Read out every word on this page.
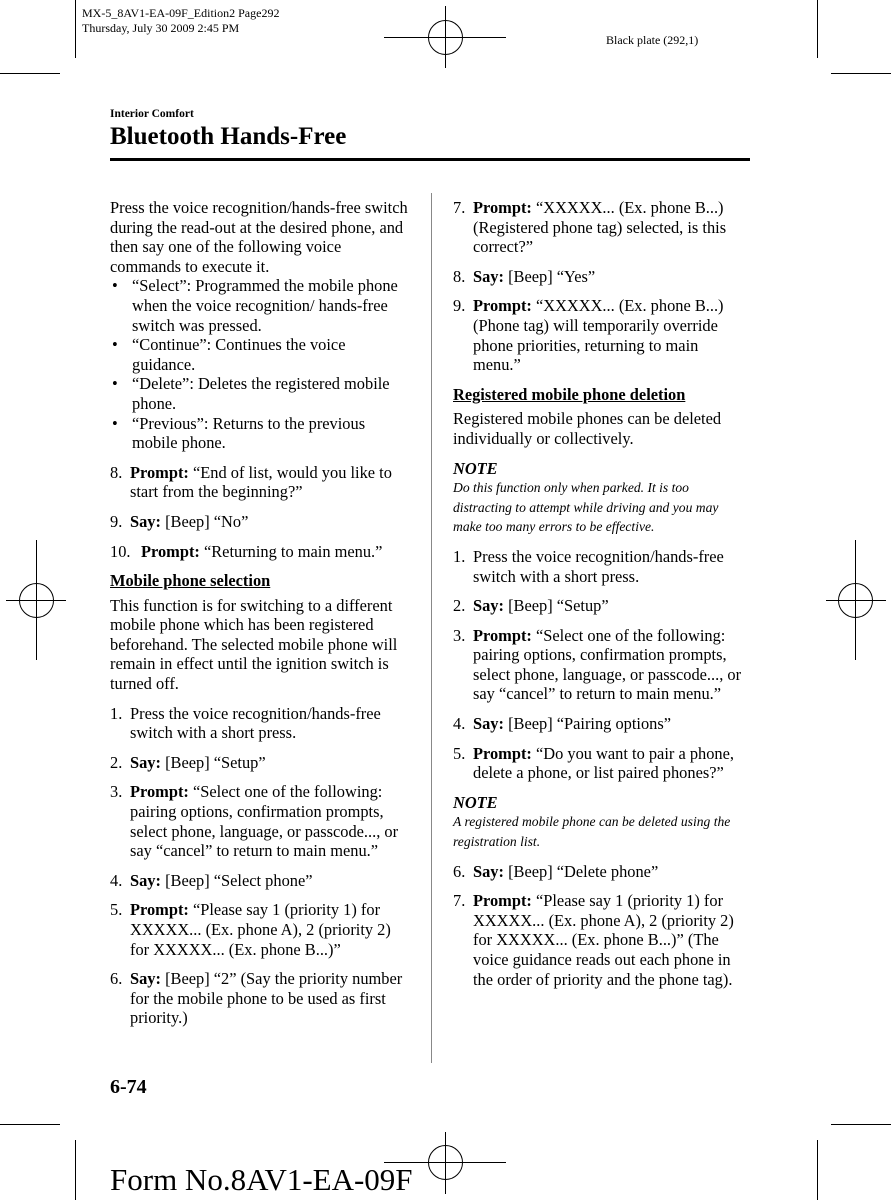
MX-5_8AV1-EA-09F_Edition2 Page292
Thursday, July 30 2009 2:45 PM
Black plate (292,1)
Interior Comfort
Bluetooth Hands-Free

Press the voice recognition/hands-free switch during the read-out at the desired phone, and then say one of the following voice commands to execute it.

• “Select”: Programmed the mobile phone when the voice recognition/ hands-free switch was pressed.
• “Continue”: Continues the voice guidance.
• “Delete”: Deletes the registered mobile phone.
• “Previous”: Returns to the previous mobile phone.
8. Prompt: “End of list, would you like to start from the beginning?”
9. Say: [Beep] “No”
10. Prompt: “Returning to main menu.”
Mobile phone selection

This function is for switching to a different mobile phone which has been registered beforehand. The selected mobile phone will remain in effect until the ignition switch is turned off.

1. Press the voice recognition/hands-free switch with a short press.
2. Say: [Beep] “Setup”
3. Prompt: “Select one of the following: pairing options, confirmation prompts, select phone, language, or passcode..., or say “cancel” to return to main menu.”
4. Say: [Beep] “Select phone”
5. Prompt: “Please say 1 (priority 1) for XXXXX... (Ex. phone A), 2 (priority 2) for XXXXX... (Ex. phone B...)”
6. Say: [Beep] “2” (Say the priority number for the mobile phone to be used as first priority.)
7. Prompt: “XXXXX... (Ex. phone B...) (Registered phone tag) selected, is this correct?”
8. Say: [Beep] “Yes”
9. Prompt: “XXXXX... (Ex. phone B...) (Phone tag) will temporarily override phone priorities, returning to main menu.”
Registered mobile phone deletion

Registered mobile phones can be deleted individually or collectively.

NOTE

Do this function only when parked. It is too distracting to attempt while driving and you may make too many errors to be effective.

1. Press the voice recognition/hands-free switch with a short press.
2. Say: [Beep] “Setup”
3. Prompt: “Select one of the following: pairing options, confirmation prompts, select phone, language, or passcode..., or say “cancel” to return to main menu.”
4. Say: [Beep] “Pairing options”
5. Prompt: “Do you want to pair a phone, delete a phone, or list paired phones?”
NOTE

A registered mobile phone can be deleted using the registration list.

6. Say: [Beep] “Delete phone”
7. Prompt: “Please say 1 (priority 1) for XXXXX... (Ex. phone A), 2 (priority 2) for XXXXX... (Ex. phone B...)” (The voice guidance reads out each phone in the order of priority and the phone tag).
6-74
Form No.8AV1-EA-09F
